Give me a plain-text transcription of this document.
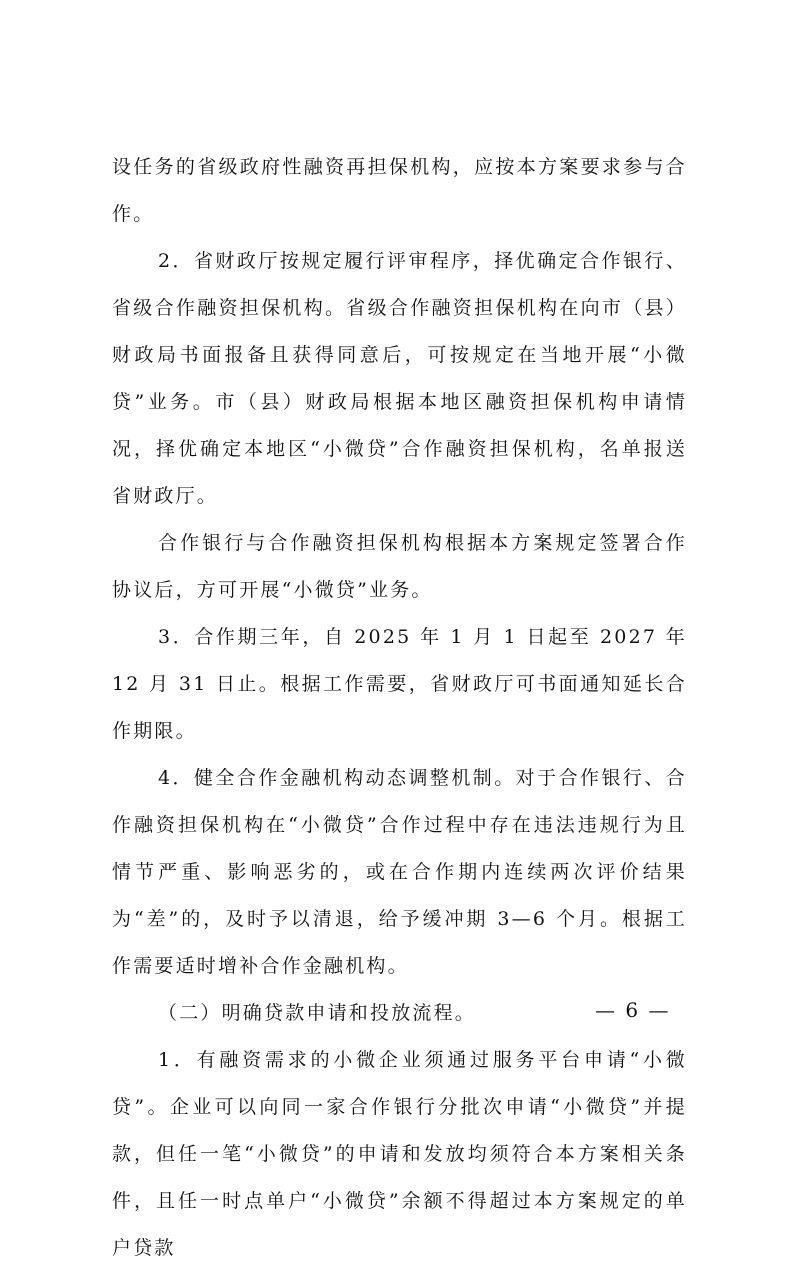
设任务的省级政府性融资再担保机构，应按本方案要求参与合作。

2．省财政厅按规定履行评审程序，择优确定合作银行、省级合作融资担保机构。省级合作融资担保机构在向市（县）财政局书面报备且获得同意后，可按规定在当地开展“小微贷”业务。市（县）财政局根据本地区融资担保机构申请情况，择优确定本地区“小微贷”合作融资担保机构，名单报送省财政厅。

合作银行与合作融资担保机构根据本方案规定签署合作协议后，方可开展“小微贷”业务。

3．合作期三年，自 2025 年 1 月 1 日起至 2027 年 12 月 31 日止。根据工作需要，省财政厅可书面通知延长合作期限。

4．健全合作金融机构动态调整机制。对于合作银行、合作融资担保机构在“小微贷”合作过程中存在违法违规行为且情节严重、影响恶劣的，或在合作期内连续两次评价结果为“差”的，及时予以清退，给予缓冲期 3—6 个月。根据工作需要适时增补合作金融机构。

（二）明确贷款申请和投放流程。

1．有融资需求的小微企业须通过服务平台申请“小微贷”。企业可以向同一家合作银行分批次申请“小微贷”并提款，但任一笔“小微贷”的申请和发放均须符合本方案相关条件，且任一时点单户“小微贷”余额不得超过本方案规定的单户贷款

— 6 —
